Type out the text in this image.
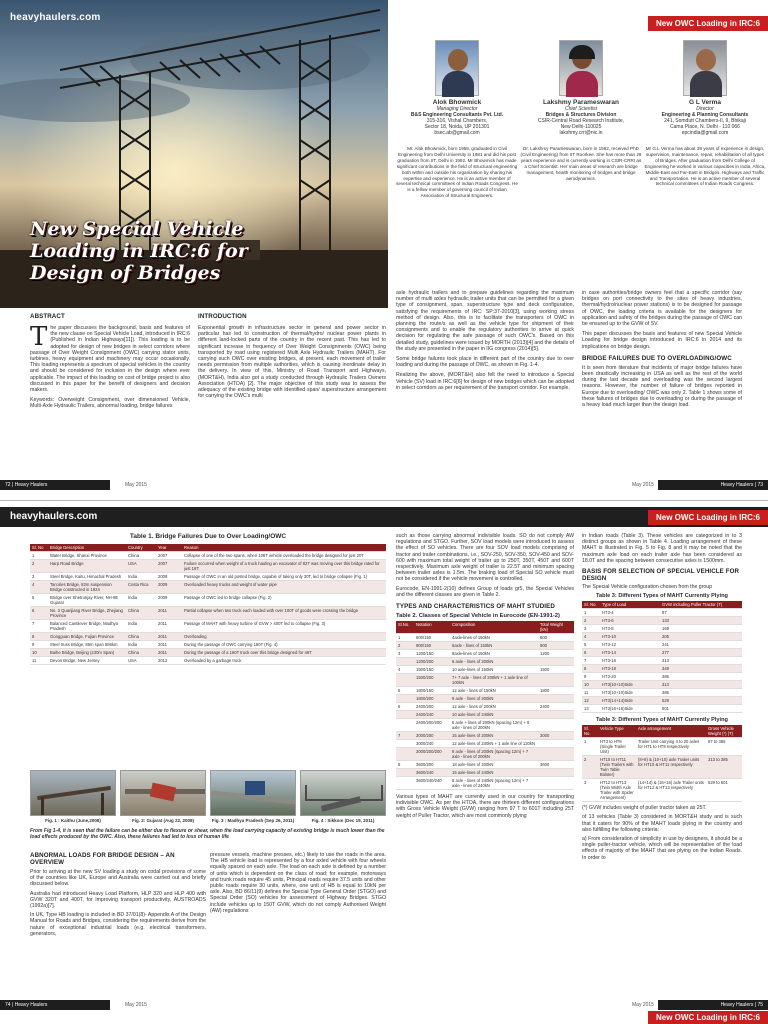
heavyhaulers.com
New Special Vehicle
Loading in IRC:6 for
Design of Bridges
New OWC Loading in IRC:6
Alok Bhowmick
Managing Director
B&S Engineering Consultants Pvt. Ltd.
315-316, Vishal Chambers,
Sector 18, Noida, UP 201301
bsec.ab@gmail.com
Mr. Alok Bhowmick, born 1959, graduated in Civil Engineering from Delhi University in 1981 and did his post graduation from IIT, Delhi in 1992. Mr Bhowmick has made significant contributions in the field of structural engineering both within and outside his organization by sharing his expertise and experience. He is an active member of several technical committees of Indian Roads Congress. He is a fellow member of governing council of Indian Association of Structural Engineers.
Lakshmy Parameswaran
Chief Scientist
Bridges & Structures Division
CSIR-Central Road Research Institute,
New Delhi-110025
lakshmy.crri@nic.in
Dr. Lakshmy Parameswaran, born in 1962, received PhD (Civil Engineering) from IIT Roorkee. She has more than 28 years experience and is currently working in CSIR-CRRI as a Chief Scientist. Her main areas of research are bridge management, health monitoring of bridges and bridge aerodynamics.
G L Verma
Director
Engineering & Planning Consultants
241, Somdutt Chambers-II, 9, Bhikaji
Cama Place, N. Delhi - 110 066
epcindia@gmail.com
Mr G.L Verma has about 39 years of experience in design, supervision, maintenance, repair, rehabilitation of all types of Bridges. After graduation from Delhi College of Engineering he worked in various capacities in India, Africa, Middle-East and Far-East in Bridges, Highways and Traffic and Transportation. He is an active member of several technical committees of Indian Roads Congress.
ABSTRACT
The paper discusses the background, basis and features of the new clause on Special Vehicle Load, introduced in IRC:6 (Published in Indian Highways[11]). This loading is to be adopted for design of new bridges in select corridors where passage of Over Weight Consignment (OWC) carrying stator units, turbines, heavy equipment and machinery may occur occasionally. This loading represents a spectrum of special vehicles in the country and should be considered for inclusion in the design where ever applicable. The impact of this loading on cost of bridge project is also discussed in this paper for the benefit of designers and decision makers.
Keywords: Overweight Consignment, over dimensioned Vehicle, Multi-Axle Hydraulic Trailers, abnormal loading, bridge failures
INTRODUCTION
Exponential growth in infrastructure sector in general and power sector in particular has led to construction of thermal/hydro/ nuclear power plants in different land-locked parts of the country in the recent past. This has led to significant increase in frequency of Over Weight Consignments (OWC) being transported by road using registered Multi Axle Hydraulic Trailers (MAHT). For carrying such OWC over existing bridges, at present, each movement of trailer needs permission from multiple authorities, which is causing inordinate delay in the delivery. In view of this, Ministry of Road Transport and Highways, (MORT&H), India also got a study conducted through Hydraulic Trailers Owners Association (HTOA) [2]. The major objective of this study was to assess the adequacy of the existing bridge with identified span/ superstructure arrangement for carrying the OWC's multi
axle hydraulic trailers and to prepare guidelines regarding the maximum number of multi axles hydraulic trailer units that can be permitted for a given type of consignment, span, superstructure type and deck configuration, satisfying the requirements of IRC: SP:37-2010[3], using working stress method of design. Also, this is to facilitate the transporters of OWC in planning the route/s as well as the vehicle type for shipment of their consignments and to enable the regulatory authorities to arrive at quick decision for regulating the safe passage of such OWC's. Based on this detailed study, guidelines were issued by MORTH (2013)[4] and the details of the study are presented in the paper in IIG congress (2014)[5].
Some bridge failures took place in different part of the country due to over loading and during the passage of OWC, as shown in Fig. 1-4.
Realizing the above, (MORT&H) also felt the need to introduce a Special Vehicle (SV) load in IRC:6[6] for design of new bridges which can be adopted in select corridors as per requirement of the transport corridor. For example,
in case authorities/bridge owners feel that a specific corridor (say bridges on port connectivity to the sites of heavy industries, thermal/hydro/nuclear power stations) is to be designed for passage of OWC, the loading criteria is available for the designers for application and safety of the bridges during the passage of OWC can be ensured up to the GVW of SV.
This paper discusses the basis and features of new Special Vehicle Loading for bridge design introduced in IRC:6 in 2014 and its implications on bridge design.
BRIDGE FAILURES DUE TO OVERLOADING/OWC
It is seen from literature that incidents of major bridge failures have been drastically increasing in USA as well as the rest of the world during the last decade and overloading was the second largest reasons. However, the number of failure of bridges reported in Europe due to overloading/ OWC was only 2. Table 1 shows some of these failures of bridges due to overloading or during the passage of a heavy load much larger than the design load.
72 | Heavy Haulers	May 2015	May 2015	Heavy Haulers | 73
heavyhaulers.com	New OWC Loading in IRC:6
Table 1. Bridge Failures Due to Over Loading/OWC
Sl. No	Bridge Description	Country	Year	Reason
1	Water Bridge, Shanxi Province	China	2007	Collapse of one of the two spans, when 108T vehicle overloaded the bridge designed for just 20T
2	Harp Road Bridge	USA	2007	Failure occurred when weight of a truck hauling an excavator of 82T was moving over this bridge rated for just 16T.
3	Steel Bridge, Kaitu, Himachal Pradesh	India	2008	Passage of OWC in an old posted bridge, capable of taking only 30T, led to bridge collapse (Fig. 1)
4	Tarcoles Bridge, 82m suspension Bridge constructed in 1924	Costa Rica	2009	Overloaded heavy trucks and weight of water pipe
5	Bridge over Shetrunjay River, NH-8E Gujarat	India	2009	Passage of OWC led to bridge collapse (Fig. 2)
6	No. 3 Quanjiang River Bridge, Zhejiang Province	China	2011	Partial collapse when two truck each loaded with over 100T of goods were crossing the bridge
7	Balanced Cantilever Bridge, Madhya Pradesh	India	2011	Passage of MAHT with heavy turbine of GVW > 400T led to collapse (Fig. 3)
8	Gongguan Bridge, Fujian Province	China	2011	Overloading
9	Steel truss Bridge, 85m span 586km	India	2011	During the passage of OWC carrying 180T (Fig. 4)
10	Baihe Bridge, Beijing (230m Span)	China	2011	During the passage of a 160T truck over this bridge designed for 46T
11	Devon Bridge, New Jersey	USA	2012	Overloaded by a garbage truck
Fig. 1 : Kaithu (June,2008)	Fig. 2: Gujarat (Aug 22, 2009)	Fig. 3 : Madhya Pradesh (Sep 26, 2011)	Fig. 4 : Sikkom (Dec 19, 2011)
From Fig 1-4, it is seen that the failure can be either due to flexure or shear, when the load carrying capacity of existing bridge is much lower than the load effects produced by the OWC. Also, these failures had led to loss of human life
ABNORMAL LOADS FOR BRIDGE DESIGN – AN OVERVIEW
Prior to arriving at the new SV loading a study on codal provisions of some of the countries like UK, Europe and Australia were carried out and briefly discussed below.
Australia had introduced Heavy Load Platform, HLP 320 and HLP 400 with GVW 320T and 400T, for improving transport productivity, AUSTROADS (1992a)[7].
In UK, Type HB loading is included in BD 37/01(8)- Appendix A of the Design Manual for Roads and Bridges, considering the requirements derive from the nature of exceptional industrial loads (e.g. electrical transformers, generators,
pressure vessels, machine presses, etc.) likely to use the roads in the area. The HB vehicle load is represented by a four axled vehicle with four wheels equally spaced on each axle. The load on each axle is defined by a number of units which is dependent on the class of road; for example, motorways and trunk roads require 45 units, Principal roads require 37.5 units and other public roads require 30 units, where, one unit of HB is equal to 10kN per axle. Also, BD 86/11(9) defines the Special Type General Order (STGO) and Special Order (SO) vehicles for assessment of Highway Bridges. STGO include vehicles up to 150T GVW, which do not comply Authorised Weight (AW) regulations
such as those carrying abnormal indivisible loads. SO do not comply AW regulations and STGO. Further, SOV load models were introduced to assess the effect of SO vehicles. There are four SOV load models comprising of tractor and trailer combinations, i.e., SOV-250, SOV-350, SOV-450 and SOV-600 with maximum total weight of trailer up to 250T, 350T, 450T and 600T respectively. Maximum axle weight of trailer is 22.5T and minimum spacing between trailer axles is 1.5m. The braking load of Special SO vehicle must not be considered if the vehicle movement is controlled.
Eurocode, EN-1991-2(10) defines Group of loads gr5, the Special Vehicles and the different classes are given in Table 2.
TYPES AND CHARACTERISTICS OF MAHT STUDIED
Table 2. Classes of Special Vehicle in Eurocode (EN-1991-2)
Sl.No.	Notation	Composition	Total Weight (kN)
1	600/150	4axle-lines of 150kN	600
2	900/150	6axle - lines of 150kN	900
3	1200/150	8axle-lines of 150kN	1200
	1200/200	6 axle - lines of 200kN	
4	1500/150	10 axle-lines of 150kN	1500
	1500/200	7+ 7 axle - lines of 200kN + 1 axle line of 100kN	
5	1800/150	12 axle - lines of 150kN	1800
	1800/200	9 axle - lines of 200kN	
6	2400/200	12 axle - lines of 200kN	2400
	2400/240	10 axle-lines of 240kN	
	2400/200/200	6 axle + lines of 200kN (spacing 12m) + 6 axle - lines of 200kN	
7	3000/200	15 axle-lines of 200kN	3000
	3000/240	12 axle-lines of 240kN + 1 axle line of 120kN	
	3000/200/200	8 axle - lines of 200kN (spacing 12m) + 7 axle - lines of 200kN	
8	3600/200	18 axle-lines of 200kN	3600
	3600/240	15 axle-lines of 240kN	
	3600/240/240	8 axle - lines of 240kN (spacing 12m) + 7 axle - lines of 240kN	
Various types of MAHT are currently used in our country for transporting indivisible OWC. As per the HTOA, there are thirteen different configurations with Gross Vehicle Weight (GVW) ranging from 97 T to 601T including 25T weight of Puller Tractor, which are most commonly plying
in Indian roads (Table 3). These vehicles are categorized in to 3 distinct groups as shown in Table 4. Loading arrangement of these MAHT is illustrated in Fig. 5 to Fig. 8 and it may be noted that the maximum axle load on each trailer axle has been considered as 18.0T and the spacing between consecutive axles is 1500mm.
BASIS FOR SELECTION OF SPECIAL VEHICLE FOR DESIGN
The Special Vehicle configuration chosen from the group
Table 3: Different Types of MAHT Currently Plying
Sl. No.	Type of Load	GVW including Puller Tractor (T)
1	HT3-4	97
2	HT3-6	133
3	HT3-8	169
4	HT3-10	205
5	HT3-12	241
6	HT3-14	277
7	HT3-16	313
8	HT3-18	349
9	HT3-20	385
10	HT3(10+10)Side	313
11	HT3(10+10)Side	385
12	HT3(14+14)Side	529
13	HT3(16+16)Side	601
Table 3: Different Types of MAHT Currently Plying
Sl. No.	Vehicle Type	Axle arrangement	Gross Vehicle Weight (*) (T)
1	HT3 to HT9 (Single Trailer Unit)	Trailer Unit carrying 4 to 20 axles for HT1 to HT9 respectively	97 to 385
2	HT10 to HT11 (Twin Trailers with Twin Table Bolster)	(8+8) & (10+10) axle Trailer units for HT10 & HT11 respectively	313 to 385
3	HT12 to HT13 (Twin Width Axle Trailer with Spider Arrangement)	(14+14) & (16+16) axle Trailer units for HT12 & HT13 respectively	529 to 601
(*) GVW includes weight of puller tractor taken as 25T.
of 13 vehicles (Table 3) considered in MORT&H study and is such that it caters for 90% of the MAHT loads plying in the country and also fulfilling the following criteria:
a) From consideration of simplicity in use by designers, it should be a single puller-tractor vehicle, which will be representative of the load effects of majority of the MAHT that are plying on the Indian Roads. In order to
74 | Heavy Haulers	May 2015	May 2015	Heavy Haulers | 75
New OWC Loading in IRC:6
